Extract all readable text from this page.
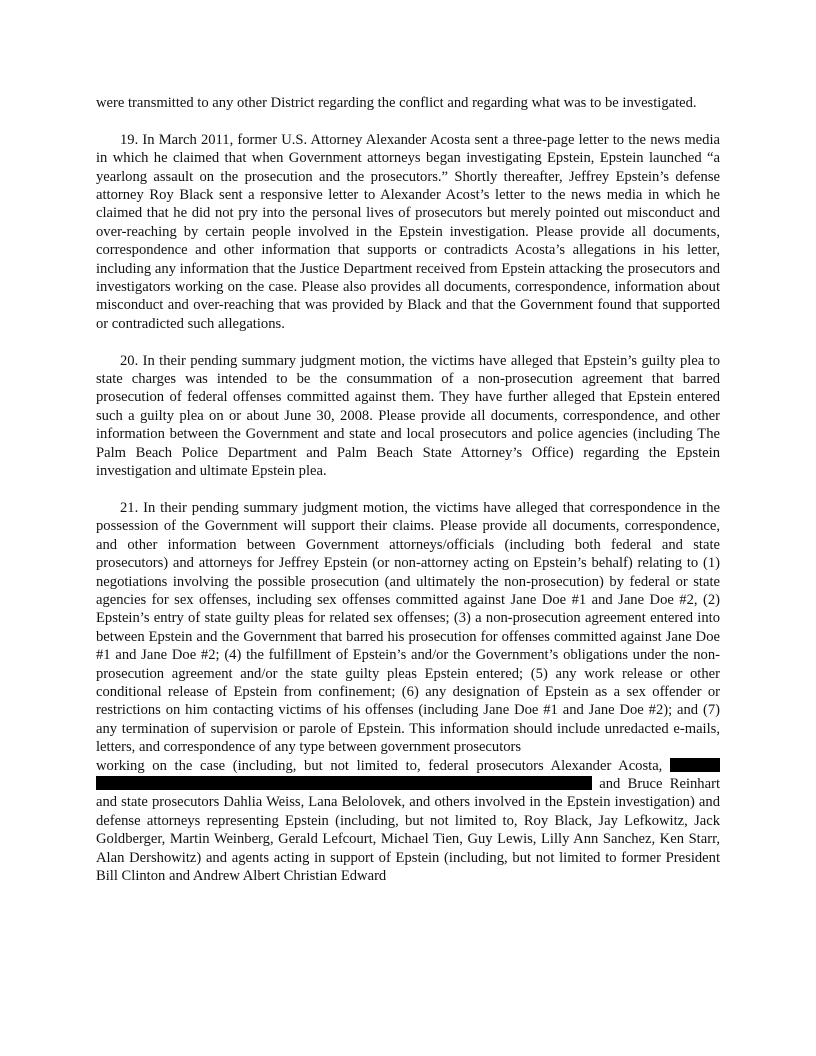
were transmitted to any other District regarding the conflict and regarding what was to be investigated.

19. In March 2011, former U.S. Attorney Alexander Acosta sent a three-page letter to the news media in which he claimed that when Government attorneys began investigating Epstein, Epstein launched “a yearlong assault on the prosecution and the prosecutors.” Shortly thereafter, Jeffrey Epstein’s defense attorney Roy Black sent a responsive letter to Alexander Acost’s letter to the news media in which he claimed that he did not pry into the personal lives of prosecutors but merely pointed out misconduct and over-reaching by certain people involved in the Epstein investigation. Please provide all documents, correspondence and other information that supports or contradicts Acosta’s allegations in his letter, including any information that the Justice Department received from Epstein attacking the prosecutors and investigators working on the case. Please also provides all documents, correspondence, information about misconduct and over-reaching that was provided by Black and that the Government found that supported or contradicted such allegations.

20. In their pending summary judgment motion, the victims have alleged that Epstein’s guilty plea to state charges was intended to be the consummation of a non-prosecution agreement that barred prosecution of federal offenses committed against them. They have further alleged that Epstein entered such a guilty plea on or about June 30, 2008. Please provide all documents, correspondence, and other information between the Government and state and local prosecutors and police agencies (including The Palm Beach Police Department and Palm Beach State Attorney’s Office) regarding the Epstein investigation and ultimate Epstein plea.

21. In their pending summary judgment motion, the victims have alleged that correspondence in the possession of the Government will support their claims. Please provide all documents, correspondence, and other information between Government attorneys/officials (including both federal and state prosecutors) and attorneys for Jeffrey Epstein (or non-attorney acting on Epstein’s behalf) relating to (1) negotiations involving the possible prosecution (and ultimately the non-prosecution) by federal or state agencies for sex offenses, including sex offenses committed against Jane Doe #1 and Jane Doe #2, (2) Epstein’s entry of state guilty pleas for related sex offenses; (3) a non-prosecution agreement entered into between Epstein and the Government that barred his prosecution for offenses committed against Jane Doe #1 and Jane Doe #2; (4) the fulfillment of Epstein’s and/or the Government’s obligations under the non-prosecution agreement and/or the state guilty pleas Epstein entered; (5) any work release or other conditional release of Epstein from confinement; (6) any designation of Epstein as a sex offender or restrictions on him contacting victims of his offenses (including Jane Doe #1 and Jane Doe #2); and (7) any termination of supervision or parole of Epstein. This information should include unredacted e-mails, letters, and correspondence of any type between government prosecutors

working on the case (including, but not limited to, federal prosecutors Alexander Acosta,
and Bruce Reinhart

and state prosecutors Dahlia Weiss, Lana Belolovek, and others involved in the Epstein investigation) and defense attorneys representing Epstein (including, but not limited to, Roy Black, Jay Lefkowitz, Jack Goldberger, Martin Weinberg, Gerald Lefcourt, Michael Tien, Guy Lewis, Lilly Ann Sanchez, Ken Starr, Alan Dershowitz) and agents acting in support of Epstein (including, but not limited to former President Bill Clinton and Andrew Albert Christian Edward
